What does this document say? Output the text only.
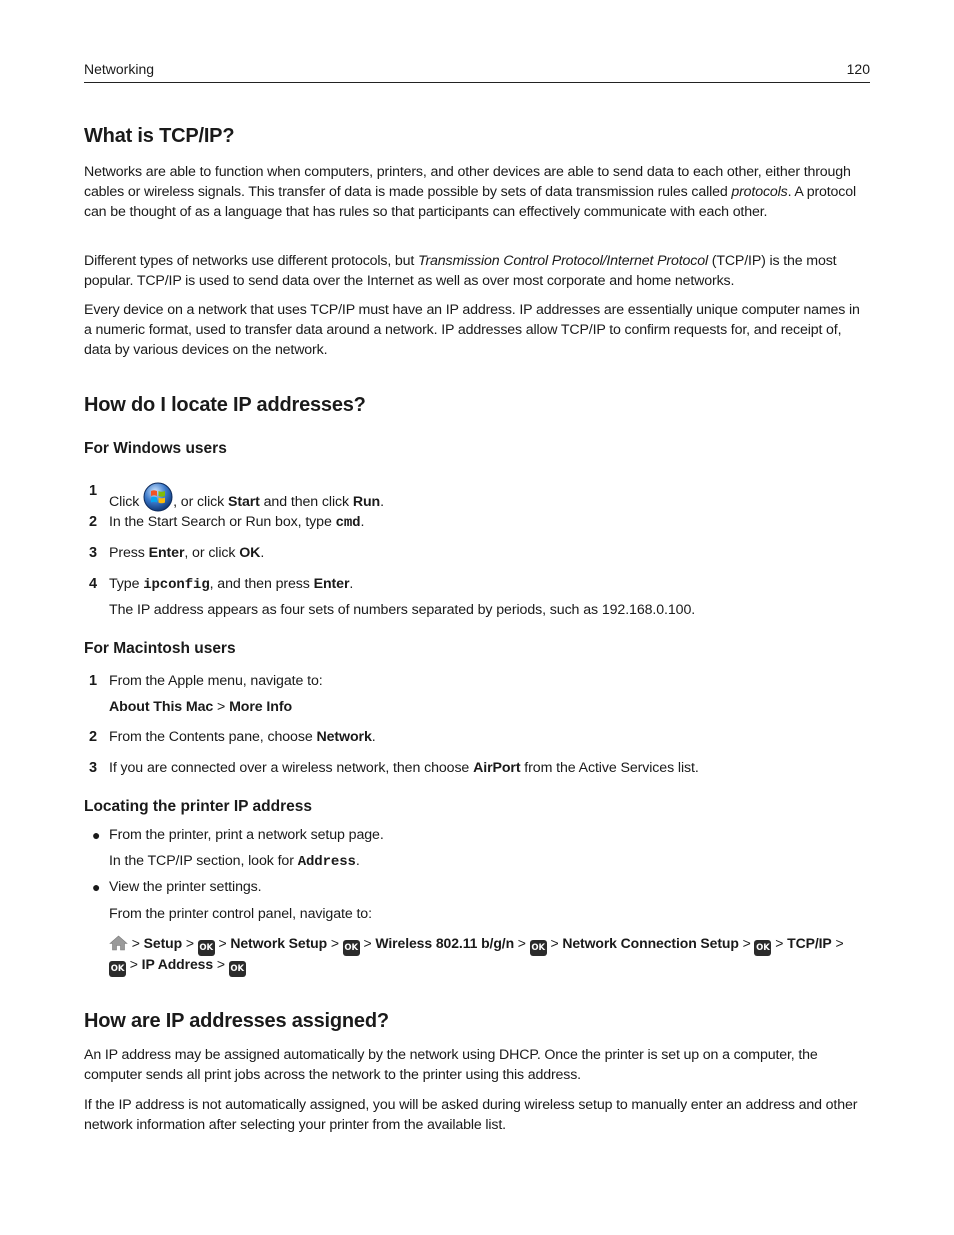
Networking	120
What is TCP/IP?

Networks are able to function when computers, printers, and other devices are able to send data to each other, either through cables or wireless signals. This transfer of data is made possible by sets of data transmission rules called protocols. A protocol can be thought of as a language that has rules so that participants can effectively communicate with each other.

Different types of networks use different protocols, but Transmission Control Protocol/Internet Protocol (TCP/IP) is the most popular. TCP/IP is used to send data over the Internet as well as over most corporate and home networks.

Every device on a network that uses TCP/IP must have an IP address. IP addresses are essentially unique computer names in a numeric format, used to transfer data around a network. IP addresses allow TCP/IP to confirm requests for, and receipt of, data by various devices on the network.

How do I locate IP addresses?
For Windows users
1
Click , or click Start and then click Run.
2 In the Start Search or Run box, type cmd.
3 Press Enter, or click OK.
4 Type ipconfig, and then press Enter.
The IP address appears as four sets of numbers separated by periods, such as 192.168.0.100.
For Macintosh users
1 From the Apple menu, navigate to:
About This Mac > More Info
2 From the Contents pane, choose Network.
3 If you are connected over a wireless network, then choose AirPort from the Active Services list.
Locating the printer IP address
● From the printer, print a network setup page.
In the TCP/IP section, look for Address.
● View the printer settings.
From the printer control panel, navigate to:
> Setup > OK > Network Setup > OK > Wireless 802.11 b/g/n > OK > Network Connection Setup > OK > TCP/IP >
OK > IP Address > OK
How are IP addresses assigned?

An IP address may be assigned automatically by the network using DHCP. Once the printer is set up on a computer, the computer sends all print jobs across the network to the printer using this address.

If the IP address is not automatically assigned, you will be asked during wireless setup to manually enter an address and other network information after selecting your printer from the available list.
